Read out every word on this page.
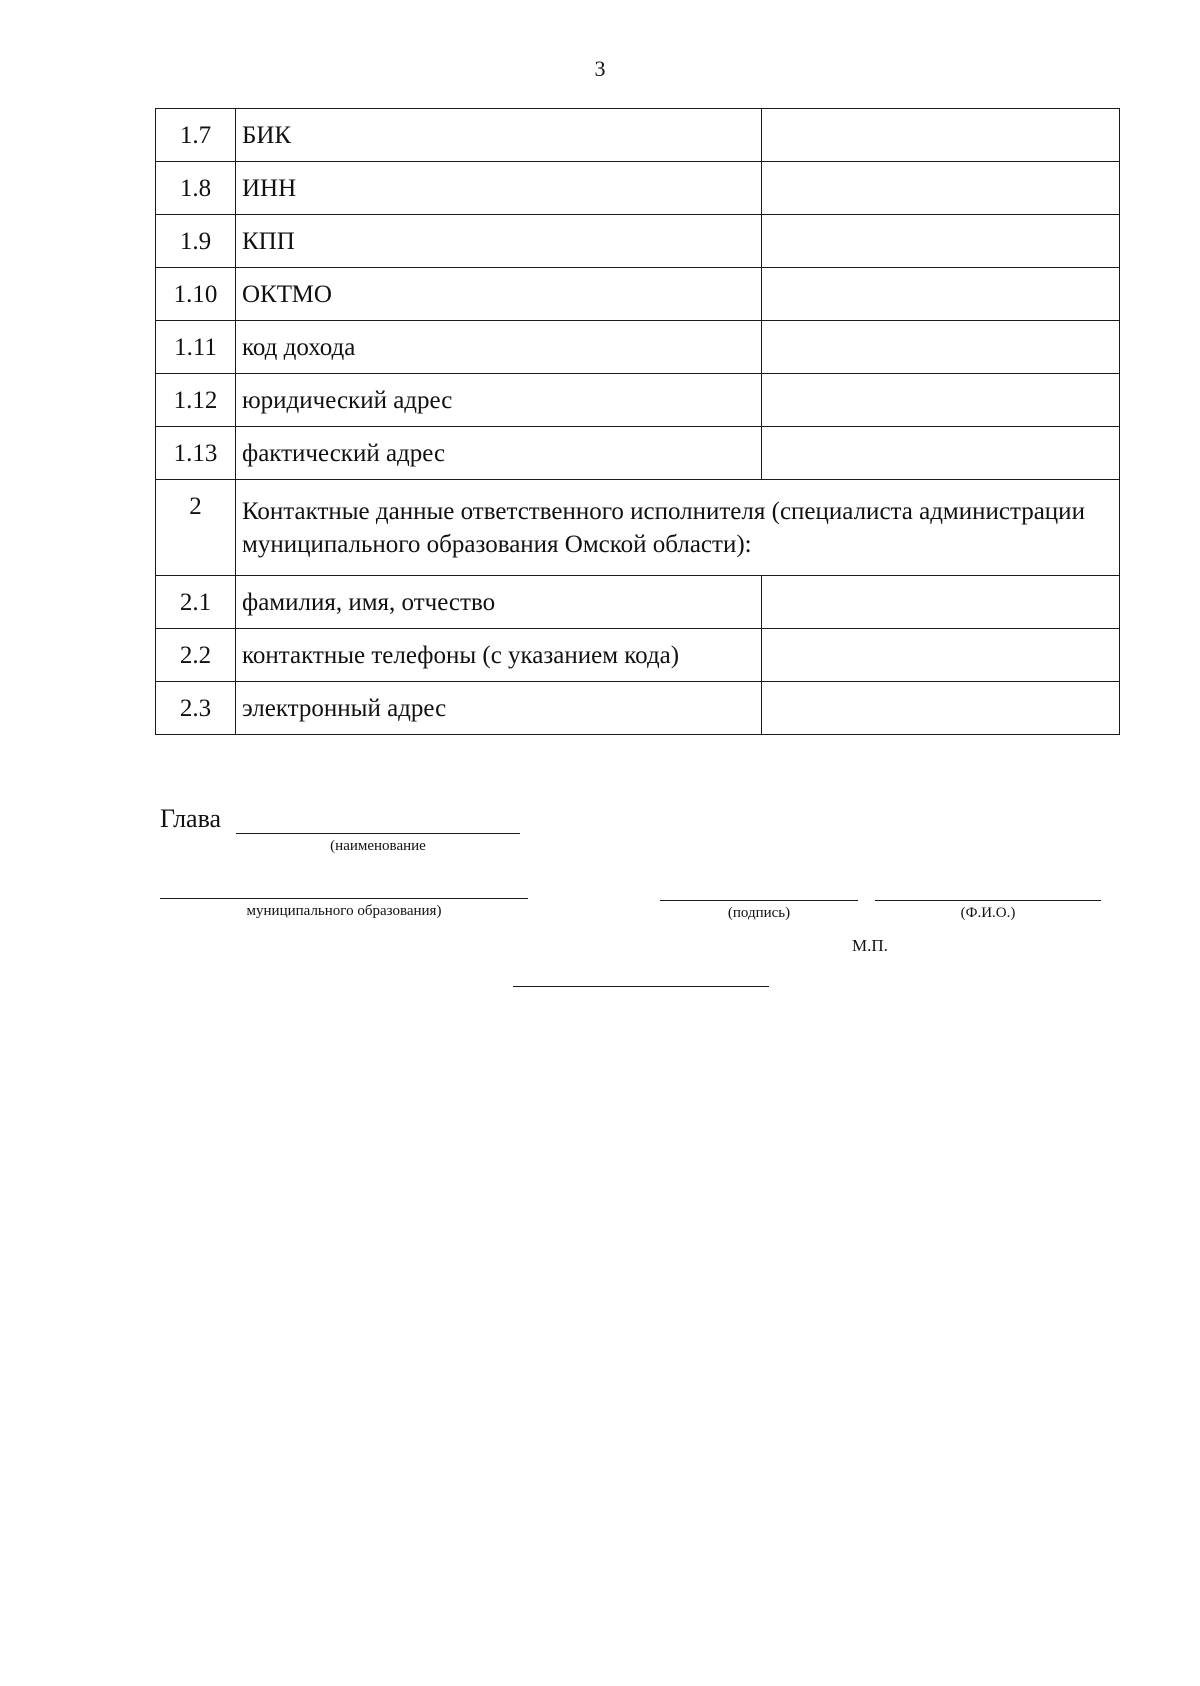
3
1.7	БИК	
1.8	ИНН	
1.9	КПП	
1.10	ОКТМО	
1.11	код дохода	
1.12	юридический адрес	
1.13	фактический адрес	
2	Контактные данные ответственного исполнителя (специалиста администрации муниципального образования Омской области):	
2.1	фамилия, имя, отчество	
2.2	контактные телефоны (с указанием кода)	
2.3	электронный адрес	
Глава
(наименование
муниципального образования)	(подпись)	(Ф.И.О.)
М.П.
